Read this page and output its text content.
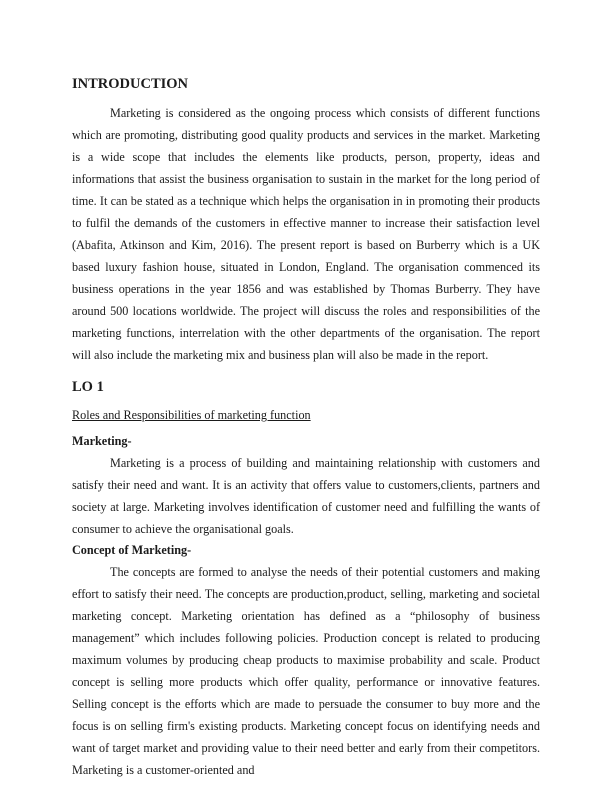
INTRODUCTION

Marketing is considered as the ongoing process which consists of different functions which are promoting, distributing good quality products and services in the market. Marketing is a wide scope that includes the elements like products, person, property, ideas and informations that assist the business organisation to sustain in the market for the long period of time. It can be stated as a technique which helps the organisation in in promoting their products to fulfil the demands of the customers in effective manner to increase their satisfaction level (Abafita, Atkinson and Kim, 2016). The present report is based on Burberry which is a UK based luxury fashion house, situated in London, England. The organisation commenced its business operations in the year 1856 and was established by Thomas Burberry. They have around 500 locations worldwide. The project will discuss the roles and responsibilities of the marketing functions, interrelation with the other departments of the organisation. The report will also include the marketing mix and business plan will also be made in the report.

LO 1

Roles and Responsibilities of marketing function

Marketing-

Marketing is a process of building and maintaining relationship with customers and satisfy their need and want. It is an activity that offers value to customers,clients, partners and society at large. Marketing involves identification of customer need and fulfilling the wants of consumer to achieve the organisational goals.

Concept of Marketing-

The concepts are formed to analyse the needs of their potential customers and making effort to satisfy their need. The concepts are production,product, selling, marketing and societal marketing concept. Marketing orientation has defined as a “philosophy of business management” which includes following policies. Production concept is related to producing maximum volumes by producing cheap products to maximise probability and scale. Product concept is selling more products which offer quality, performance or innovative features. Selling concept is the efforts which are made to persuade the consumer to buy more and the focus is on selling firm's existing products. Marketing concept focus on identifying needs and want of target market and providing value to their need better and early from their competitors. Marketing is a customer-oriented and
